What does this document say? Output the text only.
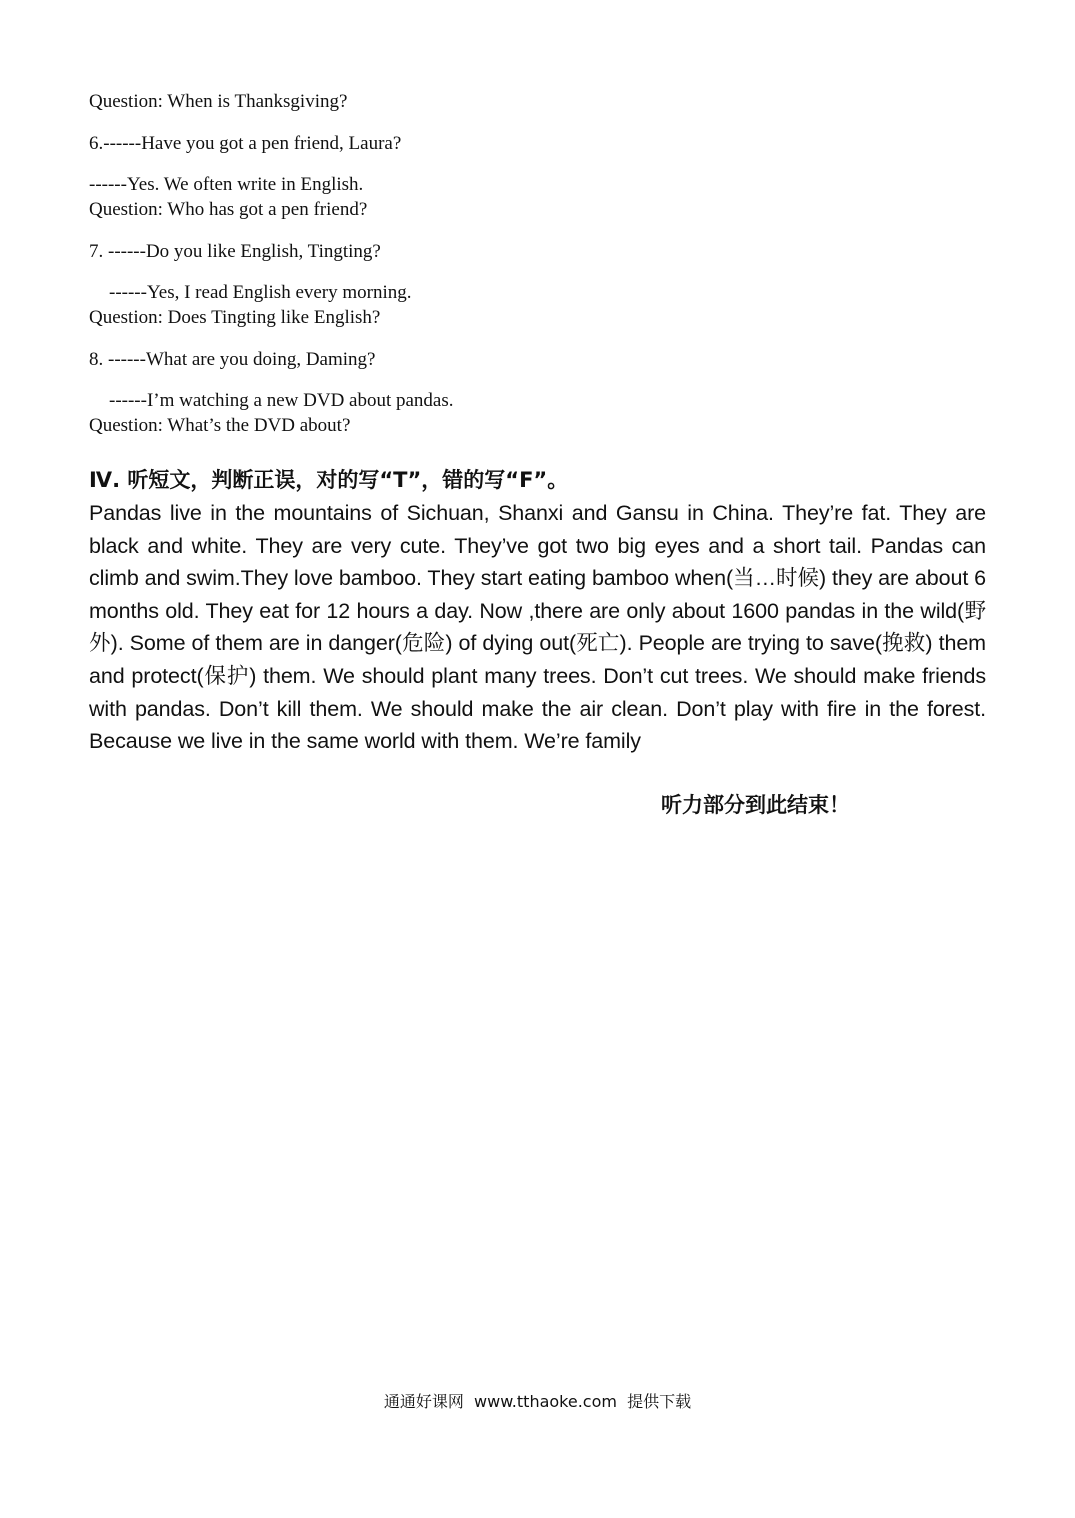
Question: When is Thanksgiving?
6.------Have you got a pen friend, Laura?
------Yes. We often write in English.
Question: Who has got a pen friend?
7. ------Do you like English, Tingting?
------Yes, I read English every morning.
Question: Does Tingting like English?
8. ------What are you doing, Daming?
------I’m watching a new DVD about pandas.
Question: What’s the DVD about?
Ⅳ. 听短文，判断正误，对的写“T”，错的写“F”。
Pandas live in the mountains of Sichuan, Shanxi and Gansu in China. They’re fat. They are black and white. They are very cute. They’ve got two big eyes and a short tail. Pandas can climb and swim.They love bamboo. They start eating bamboo when(当…时候) they are about 6 months old. They eat for 12 hours a day. Now ,there are only about 1600 pandas in the wild(野外). Some of them are in danger(危险) of dying out(死亡). People are trying to save(挽救) them and protect(保护) them. We should plant many trees. Don’t cut trees. We should make friends with pandas. Don’t kill them. We should make the air clean. Don’t play with fire in the forest. Because we live in the same world with them. We’re family
听力部分到此结束！
通通好课网  www.tthaoke.com  提供下载
